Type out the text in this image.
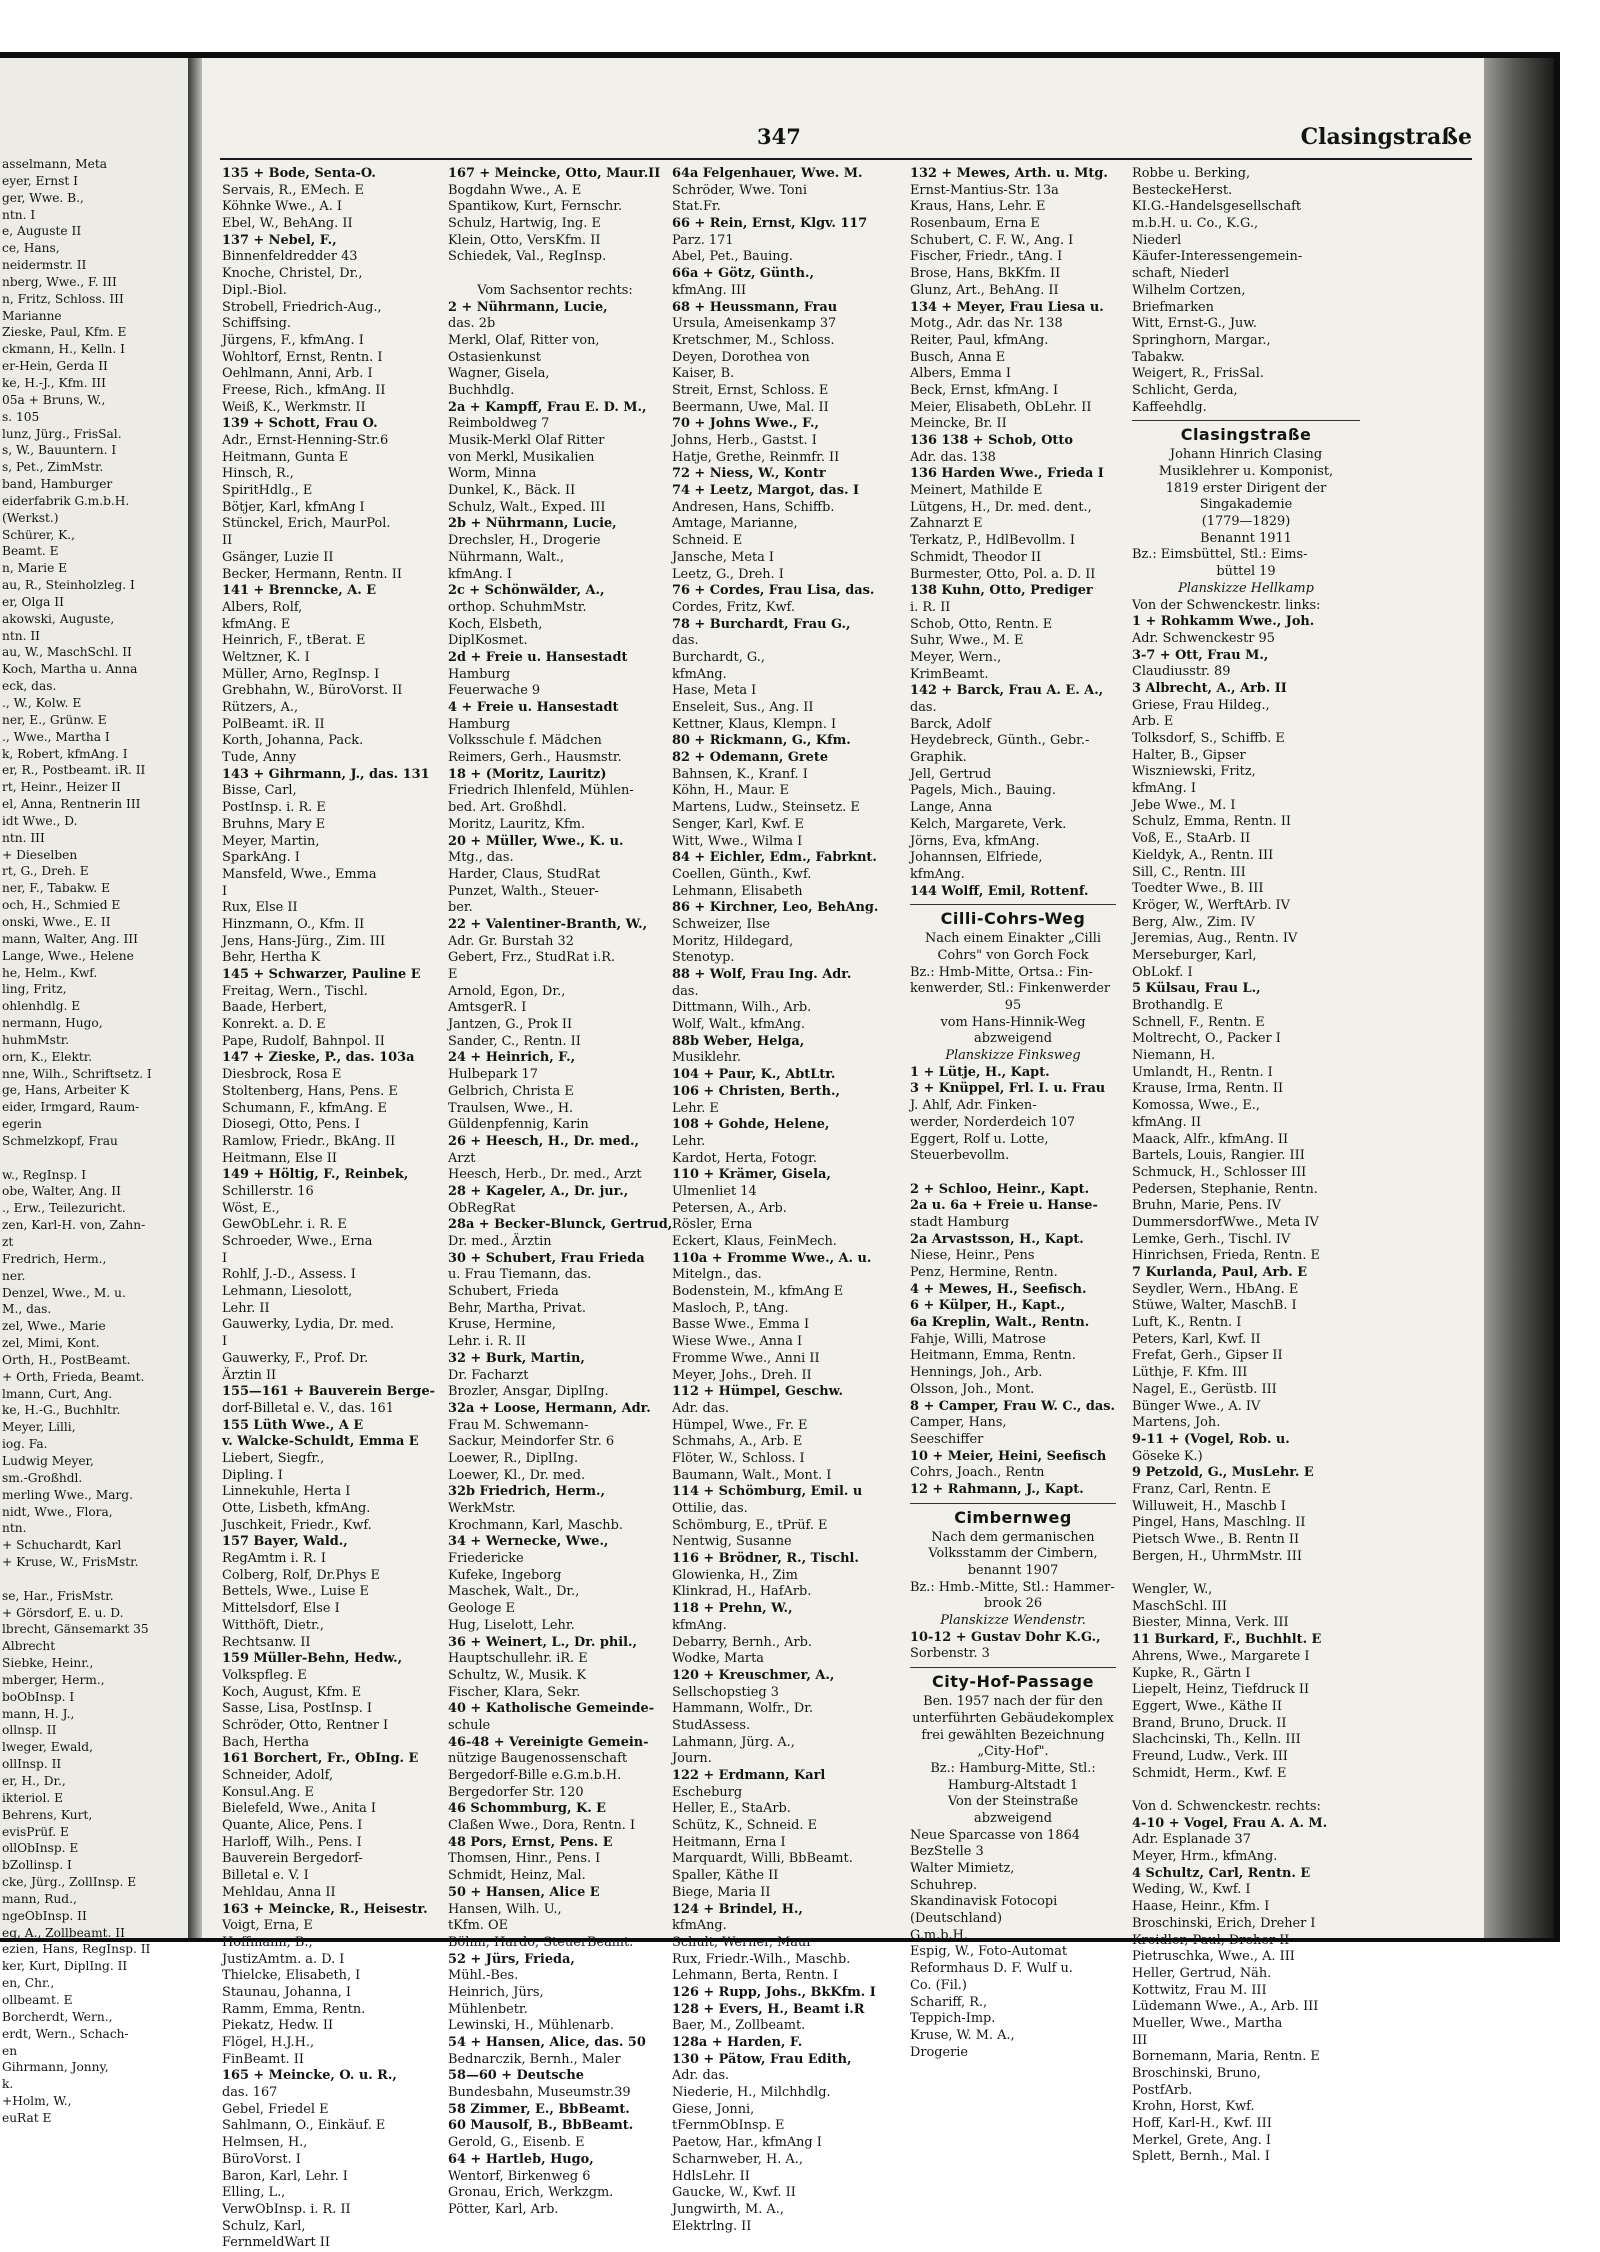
asselmann, Meta
eyer, Ernst I
ger, Wwe. B.,
ntn. I
e, Auguste II
ce, Hans,
neidermstr. II
nberg, Wwe., F. III
n, Fritz, Schloss. III
Marianne
Zieske, Paul, Kfm. E
ckmann, H., Kelln. I
er-Hein, Gerda II
ke, H.-J., Kfm. III
05a + Bruns, W.,
s. 105
lunz, Jürg., FrisSal.
s, W., Bauuntern. I
s, Pet., ZimMstr.
band, Hamburger
eiderfabrik G.m.b.H.
(Werkst.)
Schürer, K.,
Beamt. E
n, Marie E
au, R., Steinholzleg. I
er, Olga II
akowski, Auguste,
ntn. II
au, W., MaschSchl. II
Koch, Martha u. Anna
eck, das.
., W., Kolw. E
ner, E., Grünw. E
., Wwe., Martha I
k, Robert, kfmAng. I
er, R., Postbeamt. iR. II
rt, Heinr., Heizer II
el, Anna, Rentnerin III
idt Wwe., D.
ntn. III
+ Dieselben
rt, G., Dreh. E
ner, F., Tabakw. E
och, H., Schmied E
onski, Wwe., E. II
mann, Walter, Ang. III
Lange, Wwe., Helene
he, Helm., Kwf.
ling, Fritz,
ohlenhdlg. E
nermann, Hugo,
huhmMstr.
orn, K., Elektr.
nne, Wilh., Schriftsetz. I
ge, Hans, Arbeiter K
eider, Irmgard, Raum-
egerin
Schmelzkopf, Frau
w., RegInsp. I
obe, Walter, Ang. II
., Erw., Teilezuricht.
zen, Karl-H. von, Zahn-
zt
Fredrich, Herm.,
ner.
Denzel, Wwe., M. u.
M., das.
zel, Wwe., Marie
zel, Mimi, Kont.
Orth, H., PostBeamt.
+ Orth, Frieda, Beamt.
lmann, Curt, Ang.
ke, H.-G., Buchhltr.
Meyer, Lilli,
iog. Fa.
Ludwig Meyer,
sm.-Großhdl.
merling Wwe., Marg.
nidt, Wwe., Flora,
ntn.
+ Schuchardt, Karl
+ Kruse, W., FrisMstr.
se, Har., FrisMstr.
+ Görsdorf, E. u. D.
lbrecht, Gänsemarkt 35
Albrecht
Siebke, Heinr.,
mberger, Herm.,
boObInsp. I
mann, H. J.,
ollnsp. II
lweger, Ewald,
ollInsp. II
er, H., Dr.,
ikteriol. E
Behrens, Kurt,
evisPrüf. E
ollObInsp. E
bZollinsp. I
cke, Jürg., ZollInsp. E
mann, Rud.,
ngeObInsp. II
eg, A., Zollbeamt. II
ezien, Hans, RegInsp. II
ker, Kurt, DiplIng. II
en, Chr.,
ollbeamt. E
Borcherdt, Wern.,
erdt, Wern., Schach-
en
Gihrmann, Jonny,
k.
+Holm, W.,
euRat E
347	Clasingstraße
135 + Bode, Senta-O.
Servais, R., EMech. E
Köhnke Wwe., A. I
Ebel, W., BehAng. II
137 + Nebel, F.,
Binnenfeldredder 43
Knoche, Christel, Dr.,
Dipl.-Biol.
Strobell, Friedrich-Aug.,
Schiffsing.
Jürgens, F., kfmAng. I
Wohltorf, Ernst, Rentn. I
Oehlmann, Anni, Arb. I
Freese, Rich., kfmAng. II
Weiß, K., Werkmstr. II
139 + Schott, Frau O.
Adr., Ernst-Henning-Str.6
Heitmann, Gunta E
Hinsch, R.,
SpiritHdlg., E
Bötjer, Karl, kfmAng I
Stünckel, Erich, MaurPol.
II
Gsänger, Luzie II
Becker, Hermann, Rentn. II
141 + Brenncke, A. E
Albers, Rolf,
kfmAng. E
Heinrich, F., tBerat. E
Weltzner, K. I
Müller, Arno, RegInsp. I
Grebhahn, W., BüroVorst. II
Rützers, A.,
PolBeamt. iR. II
Korth, Johanna, Pack.
Tude, Anny
143 + Gihrmann, J., das. 131
Bisse, Carl,
PostInsp. i. R. E
Bruhns, Mary E
Meyer, Martin,
SparkAng. I
Mansfeld, Wwe., Emma
I
Rux, Else II
Hinzmann, O., Kfm. II
Jens, Hans-Jürg., Zim. III
Behr, Hertha K
145 + Schwarzer, Pauline E
Freitag, Wern., Tischl.
Baade, Herbert,
Konrekt. a. D. E
Pape, Rudolf, Bahnpol. II
147 + Zieske, P., das. 103a
Diesbrock, Rosa E
Stoltenberg, Hans, Pens. E
Schumann, F., kfmAng. E
Diosegi, Otto, Pens. I
Ramlow, Friedr., BkAng. II
Heitmann, Else II
149 + Höltig, F., Reinbek,
Schillerstr. 16
Wöst, E.,
GewObLehr. i. R. E
Schroeder, Wwe., Erna
I
Rohlf, J.-D., Assess. I
Lehmann, Liesolott,
Lehr. II
Gauwerky, Lydia, Dr. med.
I
Gauwerky, F., Prof. Dr.
Ärztin II
155—161 + Bauverein Berge-
dorf-Billetal e. V., das. 161
155 Lüth Wwe., A E
v. Walcke-Schuldt, Emma E
Liebert, Siegfr.,
Dipling. I
Linnekuhle, Herta I
Otte, Lisbeth, kfmAng.
Juschkeit, Friedr., Kwf.
157 Bayer, Wald.,
RegAmtm i. R. I
Colberg, Rolf, Dr.Phys E
Bettels, Wwe., Luise E
Mittelsdorf, Else I
Witthöft, Dietr.,
Rechtsanw. II
159 Müller-Behn, Hedw.,
Volkspfleg. E
Koch, August, Kfm. E
Sasse, Lisa, PostInsp. I
Schröder, Otto, Rentner I
Bach, Hertha
161 Borchert, Fr., ObIng. E
Schneider, Adolf,
Konsul.Ang. E
Bielefeld, Wwe., Anita I
Quante, Alice, Pens. I
Harloff, Wilh., Pens. I
Bauverein Bergedorf-
Billetal e. V. I
Mehldau, Anna II
163 + Meincke, R., Heisestr.
Voigt, Erna, E
Hoffmann, B.,
JustizAmtm. a. D. I
Thielcke, Elisabeth, I
Staunau, Johanna, I
Ramm, Emma, Rentn.
Piekatz, Hedw. II
Flögel, H.J.H.,
FinBeamt. II
165 + Meincke, O. u. R.,
das. 167
Gebel, Friedel E
Sahlmann, O., Einkäuf. E
Helmsen, H.,
BüroVorst. I
Baron, Karl, Lehr. I
Elling, L.,
VerwObInsp. i. R. II
Schulz, Karl,
FernmeldWart II
167 + Meincke, Otto, Maur.II
Bogdahn Wwe., A. E
Spantikow, Kurt, Fernschr.
Schulz, Hartwig, Ing. E
Klein, Otto, VersKfm. II
Schiedek, Val., RegInsp.
Vom Sachsentor rechts:
2 + Nührmann, Lucie,
das. 2b
Merkl, Olaf, Ritter von,
Ostasienkunst
Wagner, Gisela,
Buchhdlg.
2a + Kampff, Frau E. D. M.,
Reimboldweg 7
Musik-Merkl Olaf Ritter
von Merkl, Musikalien
Worm, Minna
Dunkel, K., Bäck. II
Schulz, Walt., Exped. III
2b + Nührmann, Lucie,
Drechsler, H., Drogerie
Nührmann, Walt.,
kfmAng. I
2c + Schönwälder, A.,
orthop. SchuhmMstr.
Koch, Elsbeth,
DiplKosmet.
2d + Freie u. Hansestadt
Hamburg
Feuerwache 9
4 + Freie u. Hansestadt
Hamburg
Volksschule f. Mädchen
Reimers, Gerh., Hausmstr.
18 + (Moritz, Lauritz)
Friedrich Ihlenfeld, Mühlen-
bed. Art. Großhdl.
Moritz, Lauritz, Kfm.
20 + Müller, Wwe., K. u.
Mtg., das.
Harder, Claus, StudRat
Punzet, Walth., Steuer-
ber.
22 + Valentiner-Branth, W.,
Adr. Gr. Burstah 32
Gebert, Frz., StudRat i.R.
E
Arnold, Egon, Dr.,
AmtsgerR. I
Jantzen, G., Prok II
Sander, C., Rentn. II
24 + Heinrich, F.,
Hulbepark 17
Gelbrich, Christa E
Traulsen, Wwe., H.
Güldenpfennig, Karin
26 + Heesch, H., Dr. med.,
Arzt
Heesch, Herb., Dr. med., Arzt
28 + Kageler, A., Dr. jur.,
ObRegRat
28a + Becker-Blunck, Gertrud,
Dr. med., Ärztin
30 + Schubert, Frau Frieda
u. Frau Tiemann, das.
Schubert, Frieda
Behr, Martha, Privat.
Kruse, Hermine,
Lehr. i. R. II
32 + Burk, Martin,
Dr. Facharzt
Brozler, Ansgar, DiplIng.
32a + Loose, Hermann, Adr.
Frau M. Schwemann-
Sackur, Meindorfer Str. 6
Loewer, R., DiplIng.
Loewer, Kl., Dr. med.
32b Friedrich, Herm.,
WerkMstr.
Krochmann, Karl, Maschb.
34 + Wernecke, Wwe.,
Friedericke
Kufeke, Ingeborg
Maschek, Walt., Dr.,
Geologe E
Hug, Liselott, Lehr.
36 + Weinert, L., Dr. phil.,
Hauptschullehr. iR. E
Schultz, W., Musik. K
Fischer, Klara, Sekr.
40 + Katholische Gemeinde-
schule
46-48 + Vereinigte Gemein-
nützige Baugenossenschaft
Bergedorf-Bille e.G.m.b.H.
Bergedorfer Str. 120
46 Schommburg, K. E
Claßen Wwe., Dora, Rentn. I
48 Pors, Ernst, Pens. E
Thomsen, Hinr., Pens. I
Schmidt, Heinz, Mal.
50 + Hansen, Alice E
Hansen, Wilh. U.,
tKfm. OE
Böhm, Hardo, SteuerBeamt.
52 + Jürs, Frieda,
Mühl.-Bes.
Heinrich, Jürs,
Mühlenbetr.
Lewinski, H., Mühlenarb.
54 + Hansen, Alice, das. 50
Bednarczik, Bernh., Maler
58—60 + Deutsche
Bundesbahn, Museumstr.39
58 Zimmer, E., BbBeamt.
60 Mausolf, B., BbBeamt.
Gerold, G., Eisenb. E
64 + Hartleb, Hugo,
Wentorf, Birkenweg 6
Gronau, Erich, Werkzgm.
Pötter, Karl, Arb.
64a Felgenhauer, Wwe. M.
Schröder, Wwe. Toni
Stat.Fr.
66 + Rein, Ernst, Klgv. 117
Parz. 171
Abel, Pet., Bauing.
66a + Götz, Günth.,
kfmAng. III
68 + Heussmann, Frau
Ursula, Ameisenkamp 37
Kretschmer, M., Schloss.
Deyen, Dorothea von
Kaiser, B.
Streit, Ernst, Schloss. E
Beermann, Uwe, Mal. II
70 + Johns Wwe., F.,
Johns, Herb., Gastst. I
Hatje, Grethe, Reinmfr. II
72 + Niess, W., Kontr
74 + Leetz, Margot, das. I
Andresen, Hans, Schiffb.
Amtage, Marianne,
Schneid. E
Jansche, Meta I
Leetz, G., Dreh. I
76 + Cordes, Frau Lisa, das.
Cordes, Fritz, Kwf.
78 + Burchardt, Frau G.,
das.
Burchardt, G.,
kfmAng.
Hase, Meta I
Enseleit, Sus., Ang. II
Kettner, Klaus, Klempn. I
80 + Rickmann, G., Kfm.
82 + Odemann, Grete
Bahnsen, K., Kranf. I
Köhn, H., Maur. E
Martens, Ludw., Steinsetz. E
Senger, Karl, Kwf. E
Witt, Wwe., Wilma I
84 + Eichler, Edm., Fabrknt.
Coellen, Günth., Kwf.
Lehmann, Elisabeth
86 + Kirchner, Leo, BehAng.
Schweizer, Ilse
Moritz, Hildegard,
Stenotyp.
88 + Wolf, Frau Ing. Adr.
das.
Dittmann, Wilh., Arb.
Wolf, Walt., kfmAng.
88b Weber, Helga,
Musiklehr.
104 + Paur, K., AbtLtr.
106 + Christen, Berth.,
Lehr. E
108 + Gohde, Helene,
Lehr.
Kardot, Herta, Fotogr.
110 + Krämer, Gisela,
Ulmenliet 14
Petersen, A., Arb.
Rösler, Erna
Eckert, Klaus, FeinMech.
110a + Fromme Wwe., A. u.
Mitelgn., das.
Bodenstein, M., kfmAng E
Masloch, P., tAng.
Basse Wwe., Emma I
Wiese Wwe., Anna I
Fromme Wwe., Anni II
Meyer, Johs., Dreh. II
112 + Hümpel, Geschw.
Adr. das.
Hümpel, Wwe., Fr. E
Schmahs, A., Arb. E
Flöter, W., Schloss. I
Baumann, Walt., Mont. I
114 + Schömburg, Emil. u
Ottilie, das.
Schömburg, E., tPrüf. E
Nentwig, Susanne
116 + Brödner, R., Tischl.
Glowienka, H., Zim
Klinkrad, H., HafArb.
118 + Prehn, W.,
kfmAng.
Debarry, Bernh., Arb.
Wodke, Marta
120 + Kreuschmer, A.,
Sellschopstieg 3
Hammann, Wolfr., Dr.
StudAssess.
Lahmann, Jürg. A.,
Journ.
122 + Erdmann, Karl
Escheburg
Heller, E., StaArb.
Schütz, K., Schneid. E
Heitmann, Erna I
Marquardt, Willi, BbBeamt.
Spaller, Käthe II
Biege, Maria II
124 + Brindel, H.,
kfmAng.
Schult, Werner, Maur
Rux, Friedr.-Wilh., Maschb.
Lehmann, Berta, Rentn. I
126 + Rupp, Johs., BkKfm. I
128 + Evers, H., Beamt i.R
Baer, M., Zollbeamt.
128a + Harden, F.
130 + Pätow, Frau Edith,
Adr. das.
Niederie, H., Milchhdlg.
Giese, Jonni,
tFernmObInsp. E
Paetow, Har., kfmAng I
Scharnweber, H. A.,
HdlsLehr. II
Gaucke, W., Kwf. II
Jungwirth, M. A.,
Elektrlng. II
132 + Mewes, Arth. u. Mtg.
Ernst-Mantius-Str. 13a
Kraus, Hans, Lehr. E
Rosenbaum, Erna E
Schubert, C. F. W., Ang. I
Fischer, Friedr., tAng. I
Brose, Hans, BkKfm. II
Glunz, Art., BehAng. II
134 + Meyer, Frau Liesa u.
Motg., Adr. das Nr. 138
Reiter, Paul, kfmAng.
Busch, Anna E
Albers, Emma I
Beck, Ernst, kfmAng. I
Meier, Elisabeth, ObLehr. II
Meincke, Br. II
136 138 + Schob, Otto
Adr. das. 138
136 Harden Wwe., Frieda I
Meinert, Mathilde E
Lütgens, H., Dr. med. dent.,
Zahnarzt E
Terkatz, P., HdlBevollm. I
Schmidt, Theodor II
Burmester, Otto, Pol. a. D. II
138 Kuhn, Otto, Prediger
i. R. II
Schob, Otto, Rentn. E
Suhr, Wwe., M. E
Meyer, Wern.,
KrimBeamt.
142 + Barck, Frau A. E. A.,
das.
Barck, Adolf
Heydebreck, Günth., Gebr.-
Graphik.
Jell, Gertrud
Pagels, Mich., Bauing.
Lange, Anna
Kelch, Margarete, Verk.
Jörns, Eva, kfmAng.
Johannsen, Elfriede,
kfmAng.
144 Wolff, Emil, Rottenf.
Cilli-Cohrs-Weg
Nach einem Einakter „Cilli
Cohrs" von Gorch Fock
Bz.: Hmb-Mitte, Ortsa.: Fin-
kenwerder, Stl.: Finkenwerder
95
vom Hans-Hinnik-Weg
abzweigend
Planskizze Finksweg
1 + Lütje, H., Kapt.
3 + Knüppel, Frl. I. u. Frau
J. Ahlf, Adr. Finken-
werder, Norderdeich 107
Eggert, Rolf u. Lotte,
Steuerbevollm.
2 + Schloo, Heinr., Kapt.
2a u. 6a + Freie u. Hanse-
stadt Hamburg
2a Arvastsson, H., Kapt.
Niese, Heinr., Pens
Penz, Hermine, Rentn.
4 + Mewes, H., Seefisch.
6 + Külper, H., Kapt.,
6a Kreplin, Walt., Rentn.
Fahje, Willi, Matrose
Heitmann, Emma, Rentn.
Hennings, Joh., Arb.
Olsson, Joh., Mont.
8 + Camper, Frau W. C., das.
Camper, Hans,
Seeschiffer
10 + Meier, Heini, Seefisch
Cohrs, Joach., Rentn
12 + Rahmann, J., Kapt.
Cimbernweg
Nach dem germanischen
Volksstamm der Cimbern,
benannt 1907
Bz.: Hmb.-Mitte, Stl.: Hammer-
brook 26
Planskizze Wendenstr.
10-12 + Gustav Dohr K.G.,
Sorbenstr. 3
City-Hof-Passage
Ben. 1957 nach der für den
unterführten Gebäudekomplex
frei gewählten Bezeichnung
„City-Hof".
Bz.: Hamburg-Mitte, Stl.:
Hamburg-Altstadt 1
Von der Steinstraße
abzweigend
Neue Sparcasse von 1864
BezStelle 3
Walter Mimietz,
Schuhrep.
Skandinavisk Fotocopi
(Deutschland)
G.m.b.H.
Espig, W., Foto-Automat
Reformhaus D. F. Wulf u.
Co. (Fil.)
Schariff, R.,
Teppich-Imp.
Kruse, W. M. A.,
Drogerie
Robbe u. Berking,
BesteckeHerst.
KI.G.-Handelsgesellschaft
m.b.H. u. Co., K.G.,
Niederl
Käufer-Interessengemein-
schaft, Niederl
Wilhelm Cortzen,
Briefmarken
Witt, Ernst-G., Juw.
Springhorn, Margar.,
Tabakw.
Weigert, R., FrisSal.
Schlicht, Gerda,
Kaffeehdlg.
Clasingstraße
Johann Hinrich Clasing
Musiklehrer u. Komponist,
1819 erster Dirigent der
Singakademie
(1779—1829)
Benannt 1911
Bz.: Eimsbüttel, Stl.: Eims-
büttel 19
Planskizze Hellkamp
Von der Schwenckestr. links:
1 + Rohkamm Wwe., Joh.
Adr. Schwenckestr 95
3-7 + Ott, Frau M.,
Claudiusstr. 89
3 Albrecht, A., Arb. II
Griese, Frau Hildeg.,
Arb. E
Tolksdorf, S., Schiffb. E
Halter, B., Gipser
Wiszniewski, Fritz,
kfmAng. I
Jebe Wwe., M. I
Schulz, Emma, Rentn. II
Voß, E., StaArb. II
Kieldyk, A., Rentn. III
Sill, C., Rentn. III
Toedter Wwe., B. III
Kröger, W., WerftArb. IV
Berg, Alw., Zim. IV
Jeremias, Aug., Rentn. IV
Merseburger, Karl,
ObLokf. I
5 Külsau, Frau L.,
Brothandlg. E
Schnell, F., Rentn. E
Moltrecht, O., Packer I
Niemann, H.
Umlandt, H., Rentn. I
Krause, Irma, Rentn. II
Komossa, Wwe., E.,
kfmAng. II
Maack, Alfr., kfmAng. II
Bartels, Louis, Rangier. III
Schmuck, H., Schlosser III
Pedersen, Stephanie, Rentn.
Bruhn, Marie, Pens. IV
DummersdorfWwe., Meta IV
Lemke, Gerh., Tischl. IV
Hinrichsen, Frieda, Rentn. E
7 Kurlanda, Paul, Arb. E
Seydler, Wern., HbAng. E
Stüwe, Walter, MaschB. I
Luft, K., Rentn. I
Peters, Karl, Kwf. II
Frefat, Gerh., Gipser II
Lüthje, F. Kfm. III
Nagel, E., Gerüstb. III
Bünger Wwe., A. IV
Martens, Joh.
9-11 + (Vogel, Rob. u.
Göseke K.)
9 Petzold, G., MusLehr. E
Franz, Carl, Rentn. E
Willuweit, H., Maschb I
Pingel, Hans, Maschlng. II
Pietsch Wwe., B. Rentn II
Bergen, H., UhrmMstr. III
Wengler, W.,
MaschSchl. III
Biester, Minna, Verk. III
11 Burkard, F., Buchhlt. E
Ahrens, Wwe., Margarete I
Kupke, R., Gärtn I
Liepelt, Heinz, Tiefdruck II
Eggert, Wwe., Käthe II
Brand, Bruno, Druck. II
Slachcinski, Th., Kelln. III
Freund, Ludw., Verk. III
Schmidt, Herm., Kwf. E
Von d. Schwenckestr. rechts:
4-10 + Vogel, Frau A. A. M.
Adr. Esplanade 37
Meyer, Hrm., kfmAng.
4 Schultz, Carl, Rentn. E
Weding, W., Kwf. I
Haase, Heinr., Kfm. I
Broschinski, Erich, Dreher I
Kreidler, Paul, Dreher II
Pietruschka, Wwe., A. III
Heller, Gertrud, Näh.
Kottwitz, Frau M. III
Lüdemann Wwe., A., Arb. III
Mueller, Wwe., Martha
III
Bornemann, Maria, Rentn. E
Broschinski, Bruno,
PostfArb.
Krohn, Horst, Kwf.
Hoff, Karl-H., Kwf. III
Merkel, Grete, Ang. I
Splett, Bernh., Mal. I
